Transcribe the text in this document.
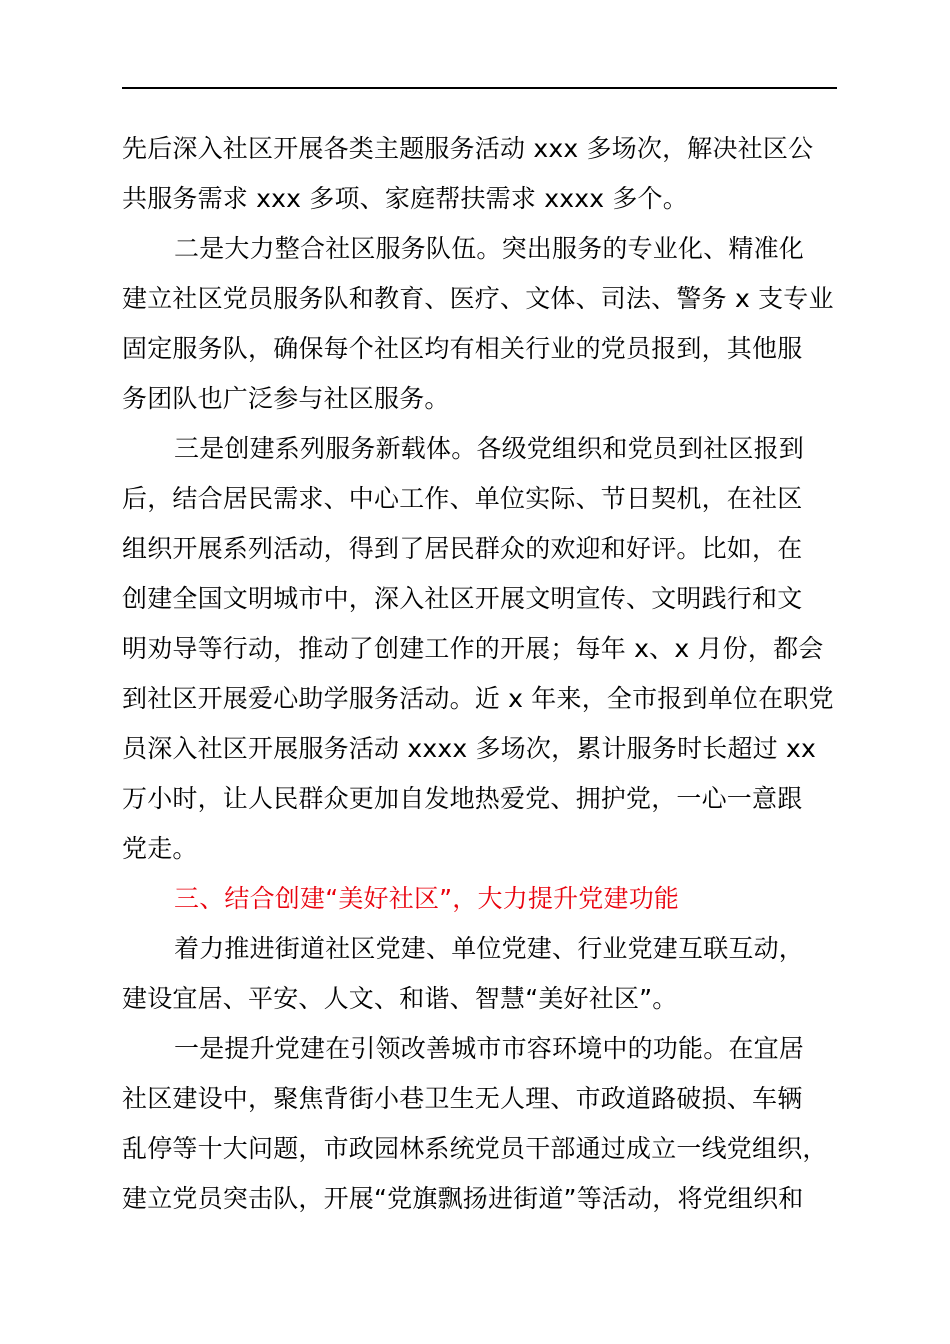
先后深入社区开展各类主题服务活动 xxx 多场次，解决社区公
共服务需求 xxx 多项、家庭帮扶需求 xxxx 多个。
二是大力整合社区服务队伍。突出服务的专业化、精准化
建立社区党员服务队和教育、医疗、文体、司法、警务 x 支专业
固定服务队，确保每个社区均有相关行业的党员报到，其他服
务团队也广泛参与社区服务。
三是创建系列服务新载体。各级党组织和党员到社区报到
后，结合居民需求、中心工作、单位实际、节日契机，在社区
组织开展系列活动，得到了居民群众的欢迎和好评。比如，在
创建全国文明城市中，深入社区开展文明宣传、文明践行和文
明劝导等行动，推动了创建工作的开展；每年 x、x 月份，都会
到社区开展爱心助学服务活动。近 x 年来，全市报到单位在职党
员深入社区开展服务活动 xxxx 多场次，累计服务时长超过 xx
万小时，让人民群众更加自发地热爱党、拥护党，一心一意跟
党走。
三、结合创建“美好社区”，大力提升党建功能
着力推进街道社区党建、单位党建、行业党建互联互动，
建设宜居、平安、人文、和谐、智慧“美好社区”。
一是提升党建在引领改善城市市容环境中的功能。在宜居
社区建设中，聚焦背街小巷卫生无人理、市政道路破损、车辆
乱停等十大问题，市政园林系统党员干部通过成立一线党组织，
建立党员突击队，开展“党旗飘扬进街道”等活动，将党组织和
